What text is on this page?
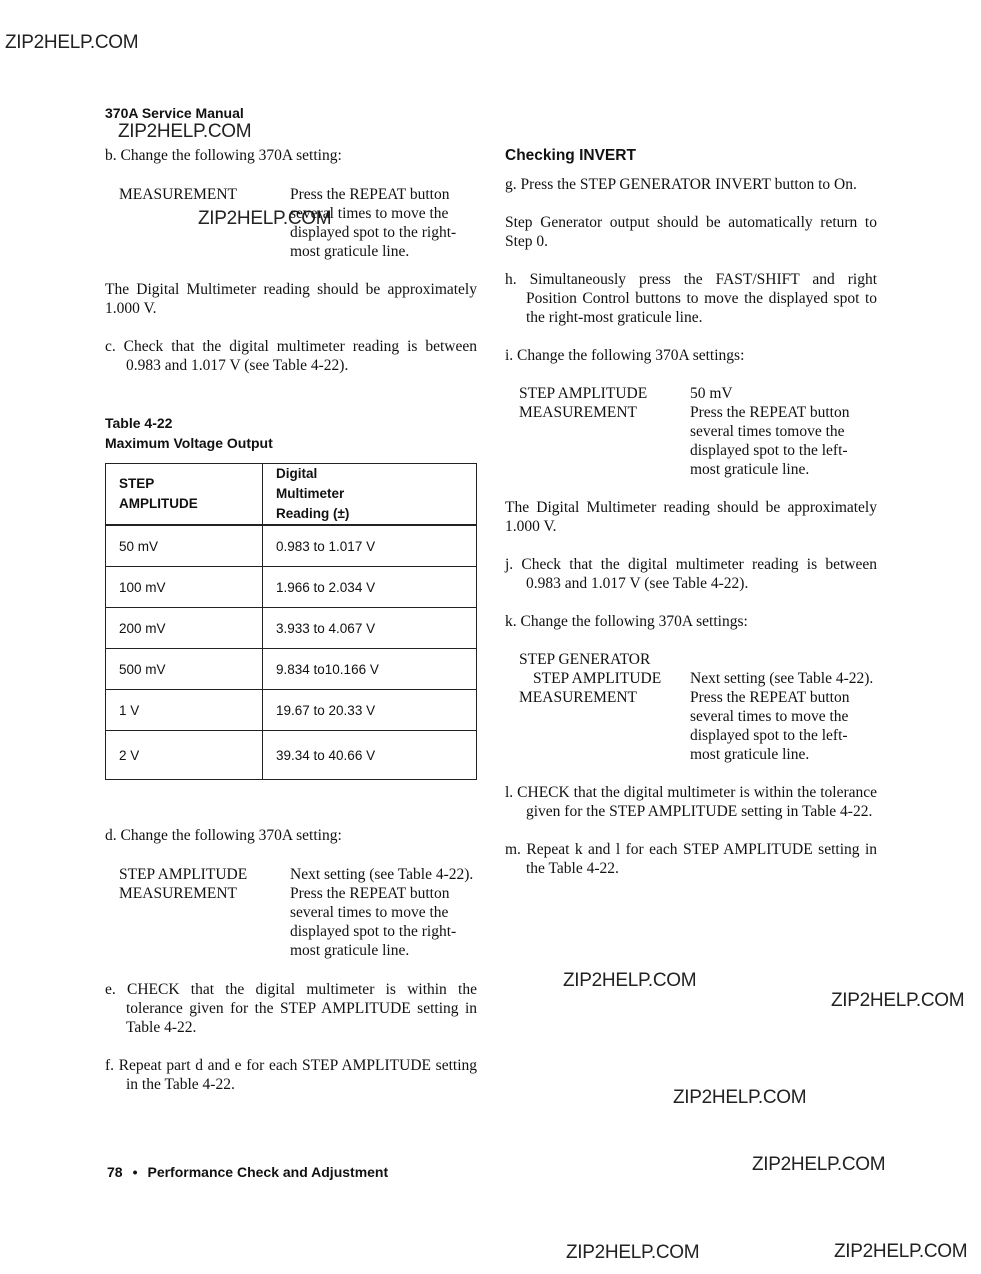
ZIP2HELP.COM
ZIP2HELP.COM
ZIP2HELP.COM
ZIP2HELP.COM
ZIP2HELP.COM
ZIP2HELP.COM
ZIP2HELP.COM
ZIP2HELP.COM	ZIP2HELP.COM
370A Service Manual

b. Change the following 370A setting:

MEASUREMENT	Press the REPEAT button several times to move the displayed spot to the right-most graticule line.

The Digital Multimeter reading should be approximately 1.000 V.

c. Check that the digital multimeter reading is between 0.983 and 1.017 V (see Table 4-22).

Table 4-22
Maximum Voltage Output
STEP AMPLITUDE	Digital Multimeter Reading (±)
50 mV	0.983 to 1.017 V
100 mV	1.966 to 2.034 V
200 mV	3.933 to 4.067 V
500 mV	9.834 to10.166 V
1 V	19.67 to 20.33 V
2 V	39.34 to 40.66 V

d. Change the following 370A setting:

STEP AMPLITUDE	Next setting (see Table 4-22).
MEASUREMENT	Press the REPEAT button several times to move the displayed spot to the right-most graticule line.

e. CHECK that the digital multimeter is within the tolerance given for the STEP AMPLITUDE setting in Table 4-22.

f. Repeat part d and e for each STEP AMPLITUDE setting in the Table 4-22.

Checking INVERT

g. Press the STEP GENERATOR INVERT button to On.

Step Generator output should be automatically return to Step 0.

h. Simultaneously press the FAST/SHIFT and right Position Control buttons to move the displayed spot to the right-most graticule line.

i. Change the following 370A settings:

STEP AMPLITUDE	50 mV
MEASUREMENT	Press the REPEAT button several times tomove the displayed spot to the left-most graticule line.

The Digital Multimeter reading should be approximately 1.000 V.

j. Check that the digital multimeter reading is between 0.983 and 1.017 V (see Table 4-22).

k. Change the following 370A settings:

STEP GENERATOR
STEP AMPLITUDE	Next setting (see Table 4-22).
MEASUREMENT	Press the REPEAT button several times to move the displayed spot to the left-most graticule line.

l. CHECK that the digital multimeter is within the tolerance given for the STEP AMPLITUDE setting in Table 4-22.

m. Repeat k and l for each STEP AMPLITUDE setting in the Table 4-22.

78 • Performance Check and Adjustment
